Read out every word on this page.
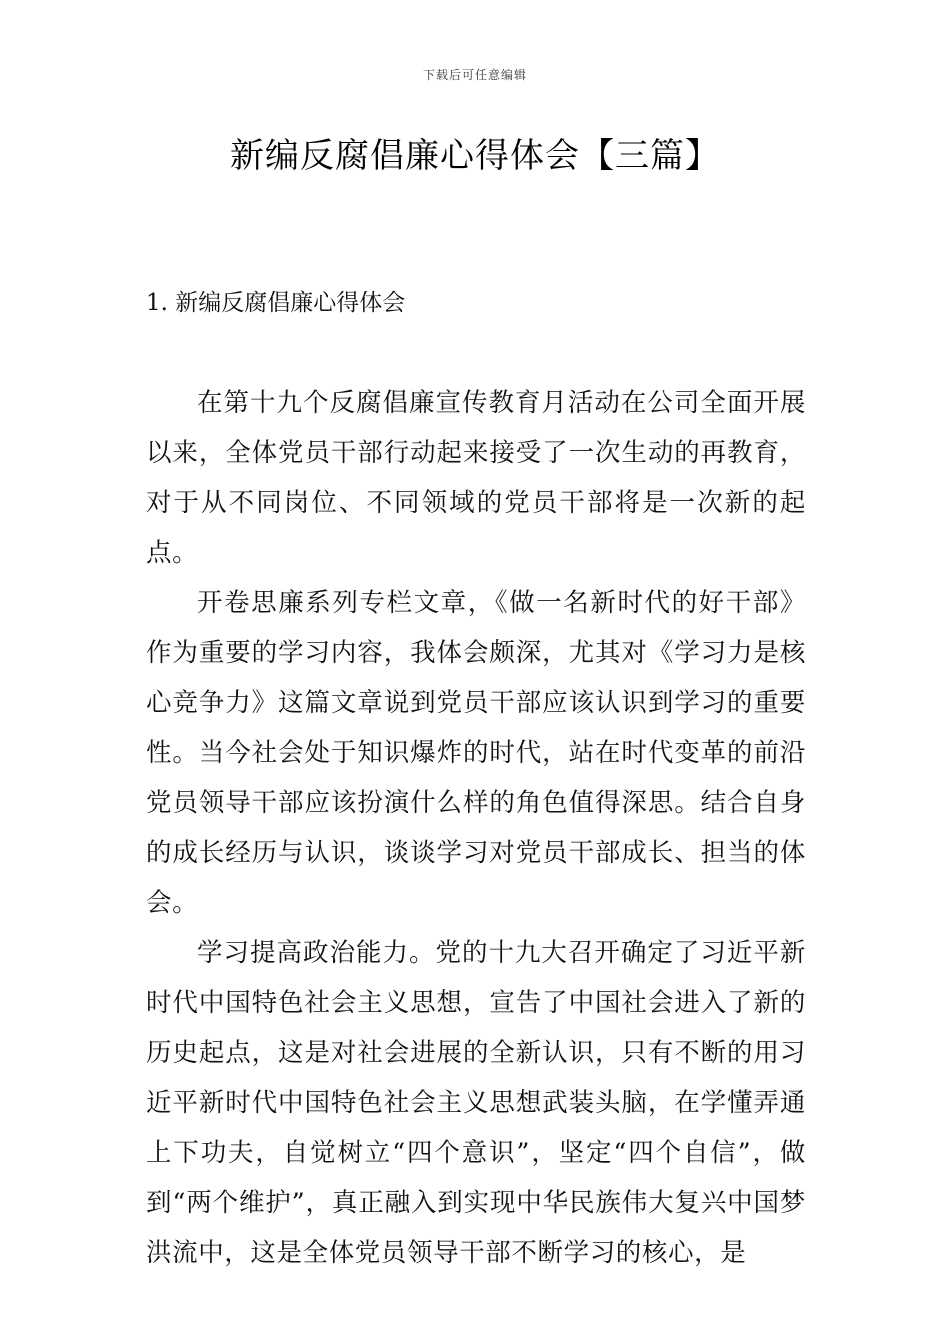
下载后可任意编辑
新编反腐倡廉心得体会【三篇】
1. 新编反腐倡廉心得体会

在第十九个反腐倡廉宣传教育月活动在公司全面开展以来，全体党员干部行动起来接受了一次生动的再教育，对于从不同岗位、不同领域的党员干部将是一次新的起点。

开卷思廉系列专栏文章，《做一名新时代的好干部》作为重要的学习内容，我体会颇深，尤其对《学习力是核心竞争力》这篇文章说到党员干部应该认识到学习的重要性。当今社会处于知识爆炸的时代，站在时代变革的前沿党员领导干部应该扮演什么样的角色值得深思。结合自身的成长经历与认识，谈谈学习对党员干部成长、担当的体会。

学习提高政治能力。党的十九大召开确定了习近平新时代中国特色社会主义思想，宣告了中国社会进入了新的历史起点，这是对社会进展的全新认识，只有不断的用习近平新时代中国特色社会主义思想武装头脑，在学懂弄通上下功夫，自觉树立“四个意识”，坚定“四个自信”，做到“两个维护”，真正融入到实现中华民族伟大复兴中国梦洪流中，这是全体党员领导干部不断学习的核心，是
